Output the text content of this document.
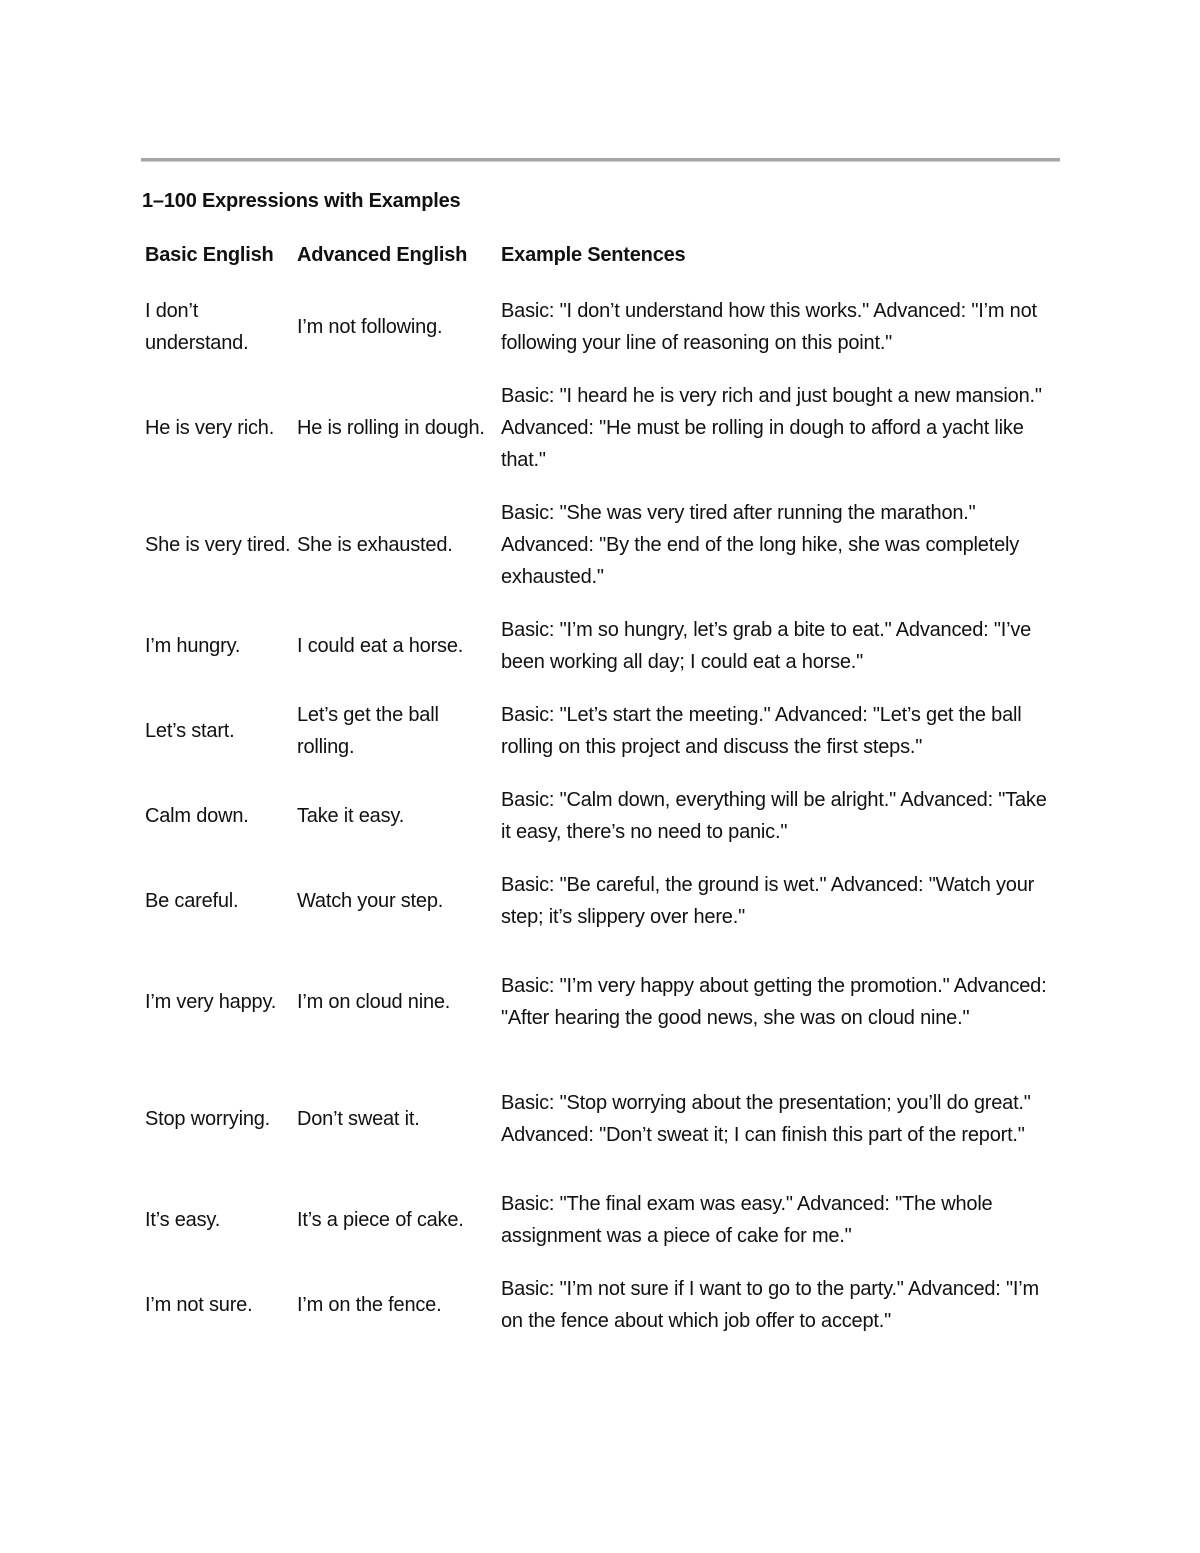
1–100 Expressions with Examples
Basic English	Advanced English	Example Sentences
I don’t understand.	I’m not following.	Basic: "I don’t understand how this works." Advanced: "I’m not following your line of reasoning on this point."
He is very rich.	He is rolling in dough.	Basic: "I heard he is very rich and just bought a new mansion." Advanced: "He must be rolling in dough to afford a yacht like that."
She is very tired.	She is exhausted.	Basic: "She was very tired after running the marathon." Advanced: "By the end of the long hike, she was completely exhausted."
I’m hungry.	I could eat a horse.	Basic: "I’m so hungry, let’s grab a bite to eat." Advanced: "I’ve been working all day; I could eat a horse."
Let’s start.	Let’s get the ball rolling.	Basic: "Let’s start the meeting." Advanced: "Let’s get the ball rolling on this project and discuss the first steps."
Calm down.	Take it easy.	Basic: "Calm down, everything will be alright." Advanced: "Take it easy, there’s no need to panic."
Be careful.	Watch your step.	Basic: "Be careful, the ground is wet." Advanced: "Watch your step; it’s slippery over here."
I’m very happy.	I’m on cloud nine.	Basic: "I’m very happy about getting the promotion." Advanced: "After hearing the good news, she was on cloud nine."
Stop worrying.	Don’t sweat it.	Basic: "Stop worrying about the presentation; you’ll do great." Advanced: "Don’t sweat it; I can finish this part of the report."
It’s easy.	It’s a piece of cake.	Basic: "The final exam was easy." Advanced: "The whole assignment was a piece of cake for me."
I’m not sure.	I’m on the fence.	Basic: "I’m not sure if I want to go to the party." Advanced: "I’m on the fence about which job offer to accept."
